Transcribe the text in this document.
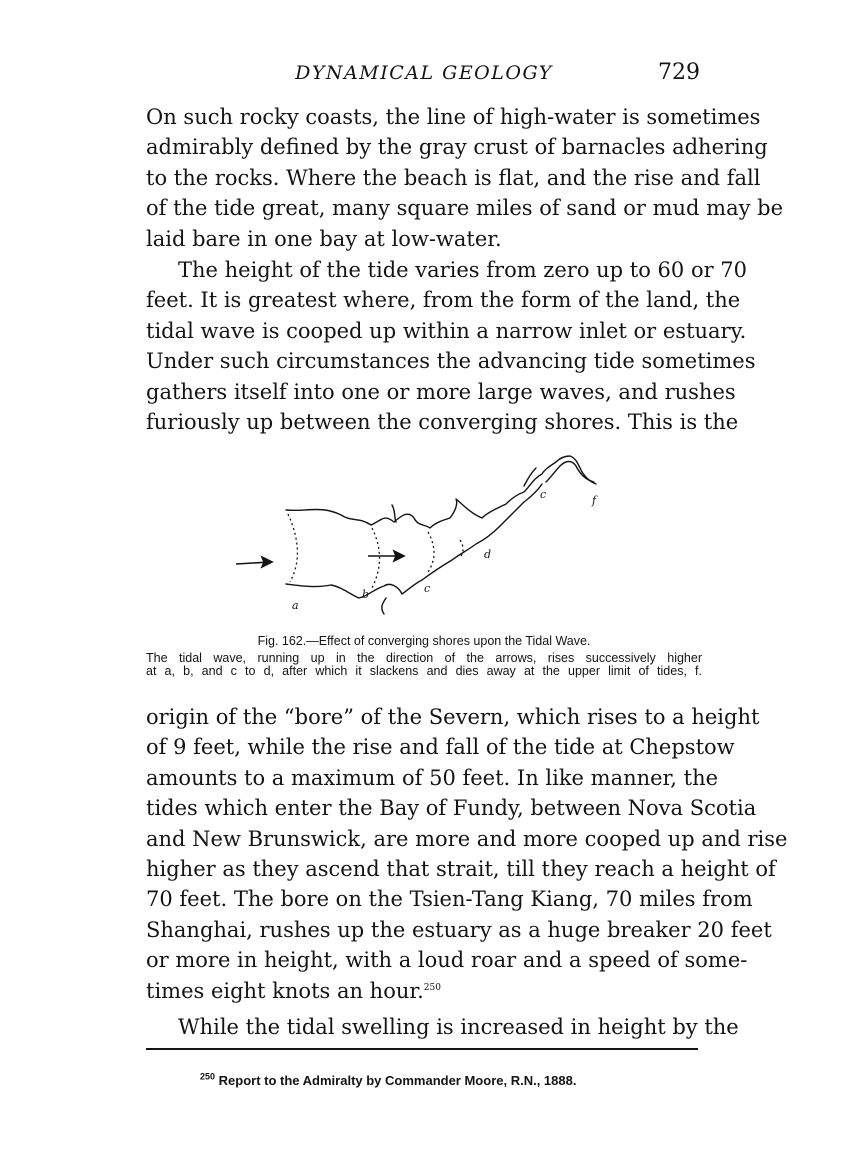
DYNAMICAL GEOLOGY	729
On such rocky coasts, the line of high-water is sometimes
admirably defined by the gray crust of barnacles adhering
to the rocks. Where the beach is flat, and the rise and fall
of the tide great, many square miles of sand or mud may be
laid bare in one bay at low-water.
The height of the tide varies from zero up to 60 or 70
feet. It is greatest where, from the form of the land, the
tidal wave is cooped up within a narrow inlet or estuary.
Under such circumstances the advancing tide sometimes
gathers itself into one or more large waves, and rushes
furiously up between the converging shores. This is the
a
b	c
d
c	f
Fig. 162.—Effect of converging shores upon the Tidal Wave.
The tidal wave, running up in the direction of the arrows, rises successively higher
at a, b, and c to d, after which it slackens and dies away at the upper limit of tides, f.
origin of the “bore” of the Severn, which rises to a height
of 9 feet, while the rise and fall of the tide at Chepstow
amounts to a maximum of 50 feet. In like manner, the
tides which enter the Bay of Fundy, between Nova Scotia
and New Brunswick, are more and more cooped up and rise
higher as they ascend that strait, till they reach a height of
70 feet. The bore on the Tsien-Tang Kiang, 70 miles from
Shanghai, rushes up the estuary as a huge breaker 20 feet
or more in height, with a loud roar and a speed of some-
times eight knots an hour.$^{250}$
While the tidal swelling is increased in height by the
$^{250}$ Report to the Admiralty by Commander Moore, R.N., 1888.
